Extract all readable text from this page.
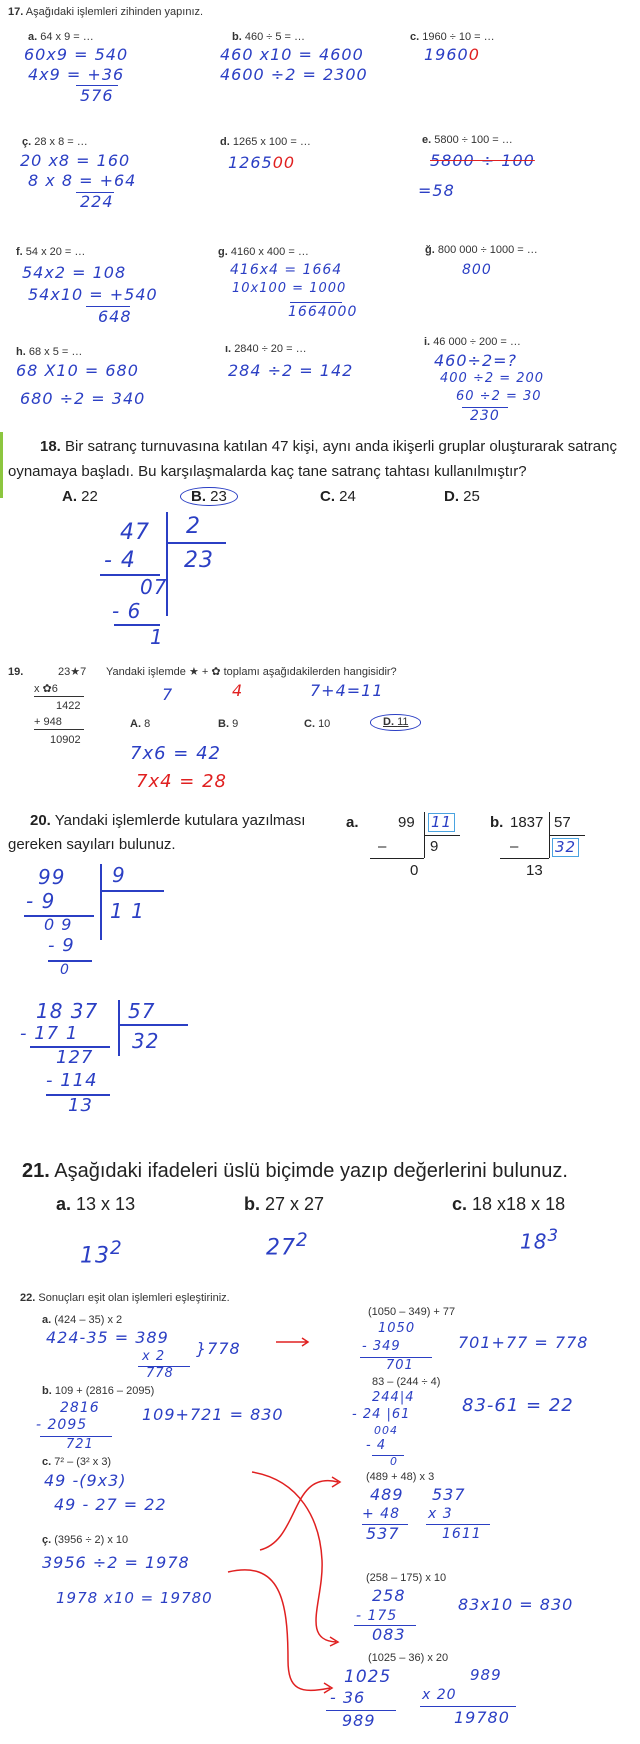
17. Aşağıdaki işlemleri zihinden yapınız.
a. 64 x 9 = …
60x9 = 540
4x9 = +36
576
b. 460 ÷ 5 = …
460 x10 = 4600
4600 ÷2 = 2300
c. 1960 ÷ 10 = …
19600
ç. 28 x 8 = …
20 x8 = 160
8 x 8 = +64
224
d. 1265 x 100 = …
126500
e. 5800 ÷ 100 = …
5800 ÷ 100
=58
f. 54 x 20 = …
54x2 = 108
54x10 = +540
648
g. 4160 x 400 = …
416x4 = 1664
10x100 = 1000
1664000
ğ. 800 000 ÷ 1000 = …
800
h. 68 x 5 = …
68 X10 = 680
680 ÷2 = 340
ı. 2840 ÷ 20 = …
284 ÷2 = 142
i. 46 000 ÷ 200 = …
460÷2=?
400 ÷2 = 200
60 ÷2 = 30
230
18. Bir satranç turnuvasına katılan 47 kişi, aynı anda ikişerli gruplar oluşturarak satranç
oynamaya başladı. Bu karşılaşmalarda kaç tane satranç tahtası kullanılmıştır?
A. 22	B. 23	C. 24	D. 25
47 2
- 4
07
- 6
1
23
19.	23★7
x ✿6
1422
+ 948
10902
Yandaki işlemde ★ + ✿ toplamı aşağıdakilerden hangisidir?
A. 8	B. 9	C. 10	D. 11
7	4	7+4=11
7x6 = 42
7x4 = 28
20. Yandaki işlemlerde kutulara yazılması
gereken sayıları bulunuz.
a.	99 11
9
–
0
b. 1837 57
32
–
13
99 9
- 9
0 9
- 9
0
1 1
18 37 57
- 17 1	32
127
- 114
13
21. Aşağıdaki ifadeleri üslü biçimde yazıp değerlerini bulunuz.
a. 13 x 13	b. 27 x 27	c. 18 x18 x 18
$13^2$	$27^2$	$18^3$
22. Sonuçları eşit olan işlemleri eşleştiriniz.
a. (424 – 35) x 2
424-35 = 389
x 2
778
}778
b. 109 + (2816 – 2095)
2816
- 2095
721
109+721 = 830
c. 7² – (3² x 3)
49 -(9x3)
49 - 27 = 22
ç. (3956 ÷ 2) x 10
3956 ÷2 = 1978
1978 x10 = 19780
(1050 – 349) + 77
1050
- 349
701
701+77 = 778
83 – (244 ÷ 4)
244|4
- 24 |61
004
- 4
0
83-61 = 22
(489 + 48) x 3
489
+ 48
537
537
x 3
1611
(258 – 175) x 10
258
- 175
083
83x10 = 830
(1025 – 36) x 20
1025
- 36
989
989
x 20
19780
